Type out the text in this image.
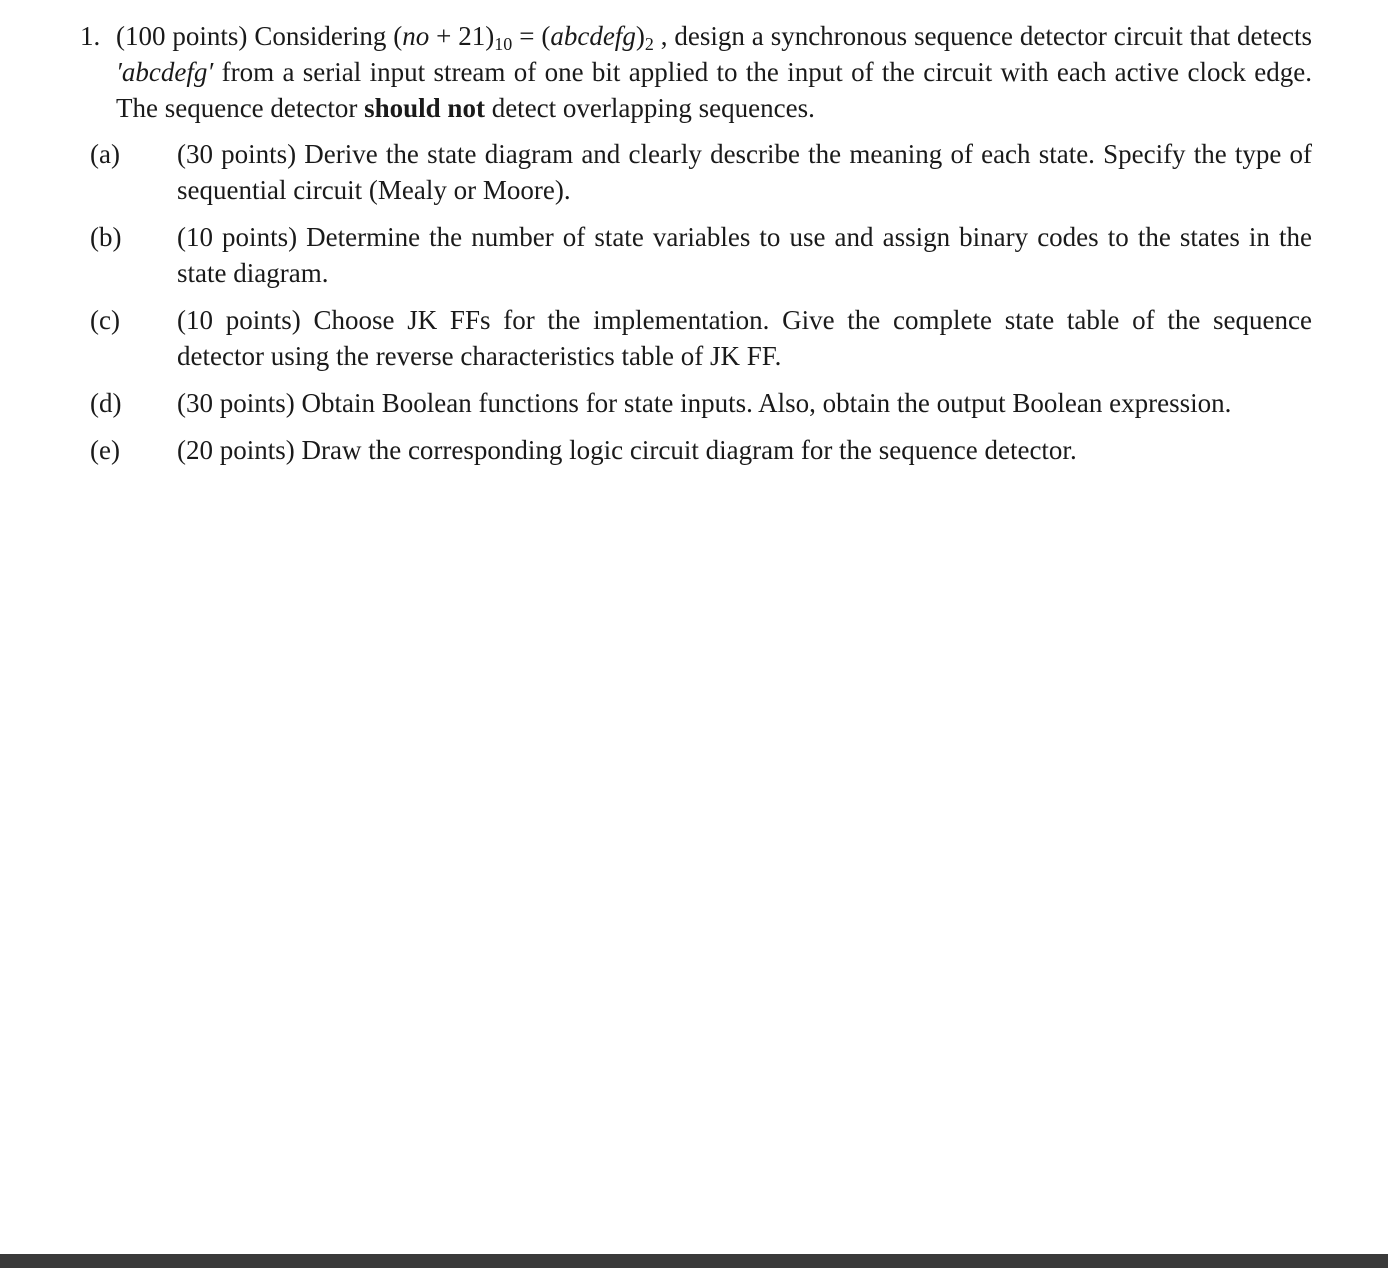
1. (100 points) Considering $(no + 21)_{10}$ = $(abcdefg)_2$ , design a synchronous sequence detector circuit that detects ′abcdefg′ from a serial input stream of one bit applied to the input of the circuit with each active clock edge. The sequence detector should not detect overlapping sequences.
(a) (30 points) Derive the state diagram and clearly describe the meaning of each state. Specify the type of sequential circuit (Mealy or Moore).
(b) (10 points) Determine the number of state variables to use and assign binary codes to the states in the state diagram.
(c) (10 points) Choose JK FFs for the implementation. Give the complete state table of the sequence detector using the reverse characteristics table of JK FF.
(d) (30 points) Obtain Boolean functions for state inputs. Also, obtain the output Boolean expression.
(e) (20 points) Draw the corresponding logic circuit diagram for the sequence detector.
